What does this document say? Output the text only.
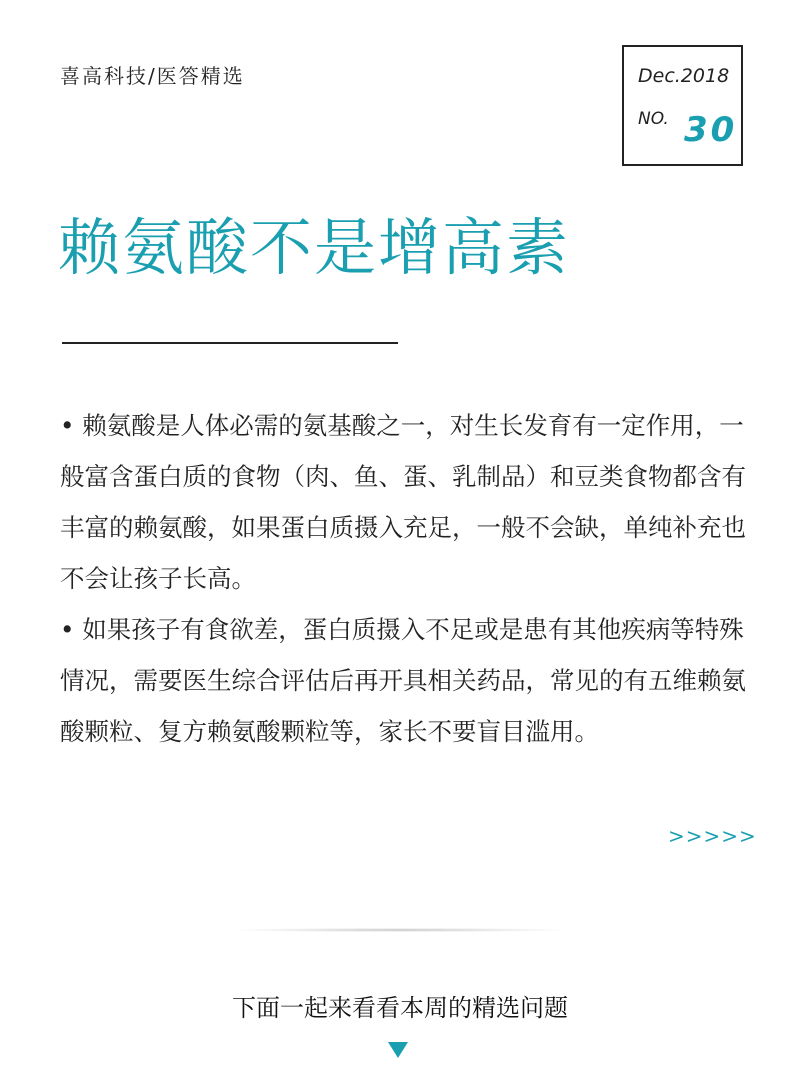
喜高科技/医答精选	Dec.2018
NO. 30
赖氨酸不是增高素

• 赖氨酸是人体必需的氨基酸之一，对生长发育有一定作用，一般富含蛋白质的食物（肉、鱼、蛋、乳制品）和豆类食物都含有丰富的赖氨酸，如果蛋白质摄入充足，一般不会缺，单纯补充也不会让孩子长高。

• 如果孩子有食欲差，蛋白质摄入不足或是患有其他疾病等特殊情况，需要医生综合评估后再开具相关药品，常见的有五维赖氨酸颗粒、复方赖氨酸颗粒等，家长不要盲目滥用。

>>>>>
下面一起来看看本周的精选问题
